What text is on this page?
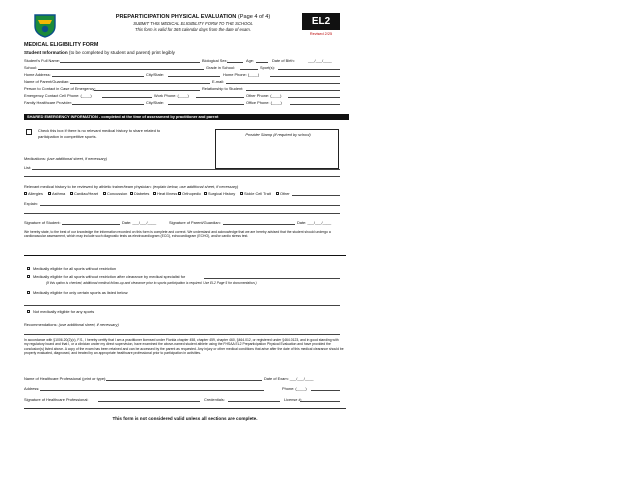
PREPARTICIPATION PHYSICAL EVALUATION (Page 4 of 4)
SUBMIT THIS MEDICAL ELIGIBILITY FORM TO THE SCHOOL
This form is valid for 365 calendar days from the date of exam.
EL2
Revised 2/25
MEDICAL ELIGIBILITY FORM
Student Information (to be completed by student and parent) print legibly
Student's Full Name:	Biological Sex:	Age:	Date of Birth:	___/___/____
School:	Grade in School:	Sport(s):
Home Address:	City/State:	Home Phone: (____)
Name of Parent/Guardian:	E-mail:
Person to Contact in Case of Emergency:	Relationship to Student:
Emergency Contact Cell Phone: (____)	Work Phone: (____)	Other Phone: (____)
Family Healthcare Provider:	City/State:	Office Phone: (____)
SHARED EMERGENCY INFORMATION - completed at the time of assessment by practitioner and parent
Check this box if there is no relevant medical history to share related to
participation in competitive sports.	Provider Stamp (if required by school)
Medications: (use additional sheet, if necessary)
List:
Relevant medical history to be reviewed by athletic trainer/team physician: (explain below, use additional sheet, if necessary)
Allergies Asthma Cardiac/Heart Concussion Diabetes Heat Illness Orthopedic Surgical History Sickle Cell Trait Other
Explain:
Signature of Student:	Date: ___/___/____	Signature of Parent/Guardian:	Date: ___/___/____
We hereby state, to the best of our knowledge the information recorded on this form is complete and correct. We understand and acknowledge that we are hereby advised that the student should undergo a cardiovascular assessment, which may include such diagnostic tests as electrocardiogram (ECG), echocardiogram (ECHO), and/or cardio stress test.
Medically eligible for all sports without restriction
Medically eligible for all sports without restriction after clearance by medical specialist for
(If this option is checked, additional medical follow-up and clearance prior to sports participation is required. Use EL2 Page 5 for documentation.)
Medically eligible for only certain sports as listed below:
Not medically eligible for any sports
Recommendations: (use additional sheet, if necessary)
In accordance with §1006.20(2)(c), F.S., I hereby certify that I am a practitioner licensed under Florida chapter 458, chapter 459, chapter 460, §464.012, or registered under §464.0123, and in good standing with my regulatory board and that I, or a clinician under my direct supervision, have examined the above-named student athlete using the FHSAA EL2 Preparticipation Physical Evaluation and have provided the conclusion(s) listed above. A copy of the exam has been retained and can be accessed by the parent as requested. Any injury or other medical conditions that arise after the date of this medical clearance should be properly evaluated, diagnosed, and treated by an appropriate healthcare professional prior to participation in activities.
Name of Healthcare Professional (print or type):	Date of Exam: ___/___/____
Address:	Phone: (____)
Signature of Healthcare Professional:	Credentials:	License #:
This form is not considered valid unless all sections are complete.
